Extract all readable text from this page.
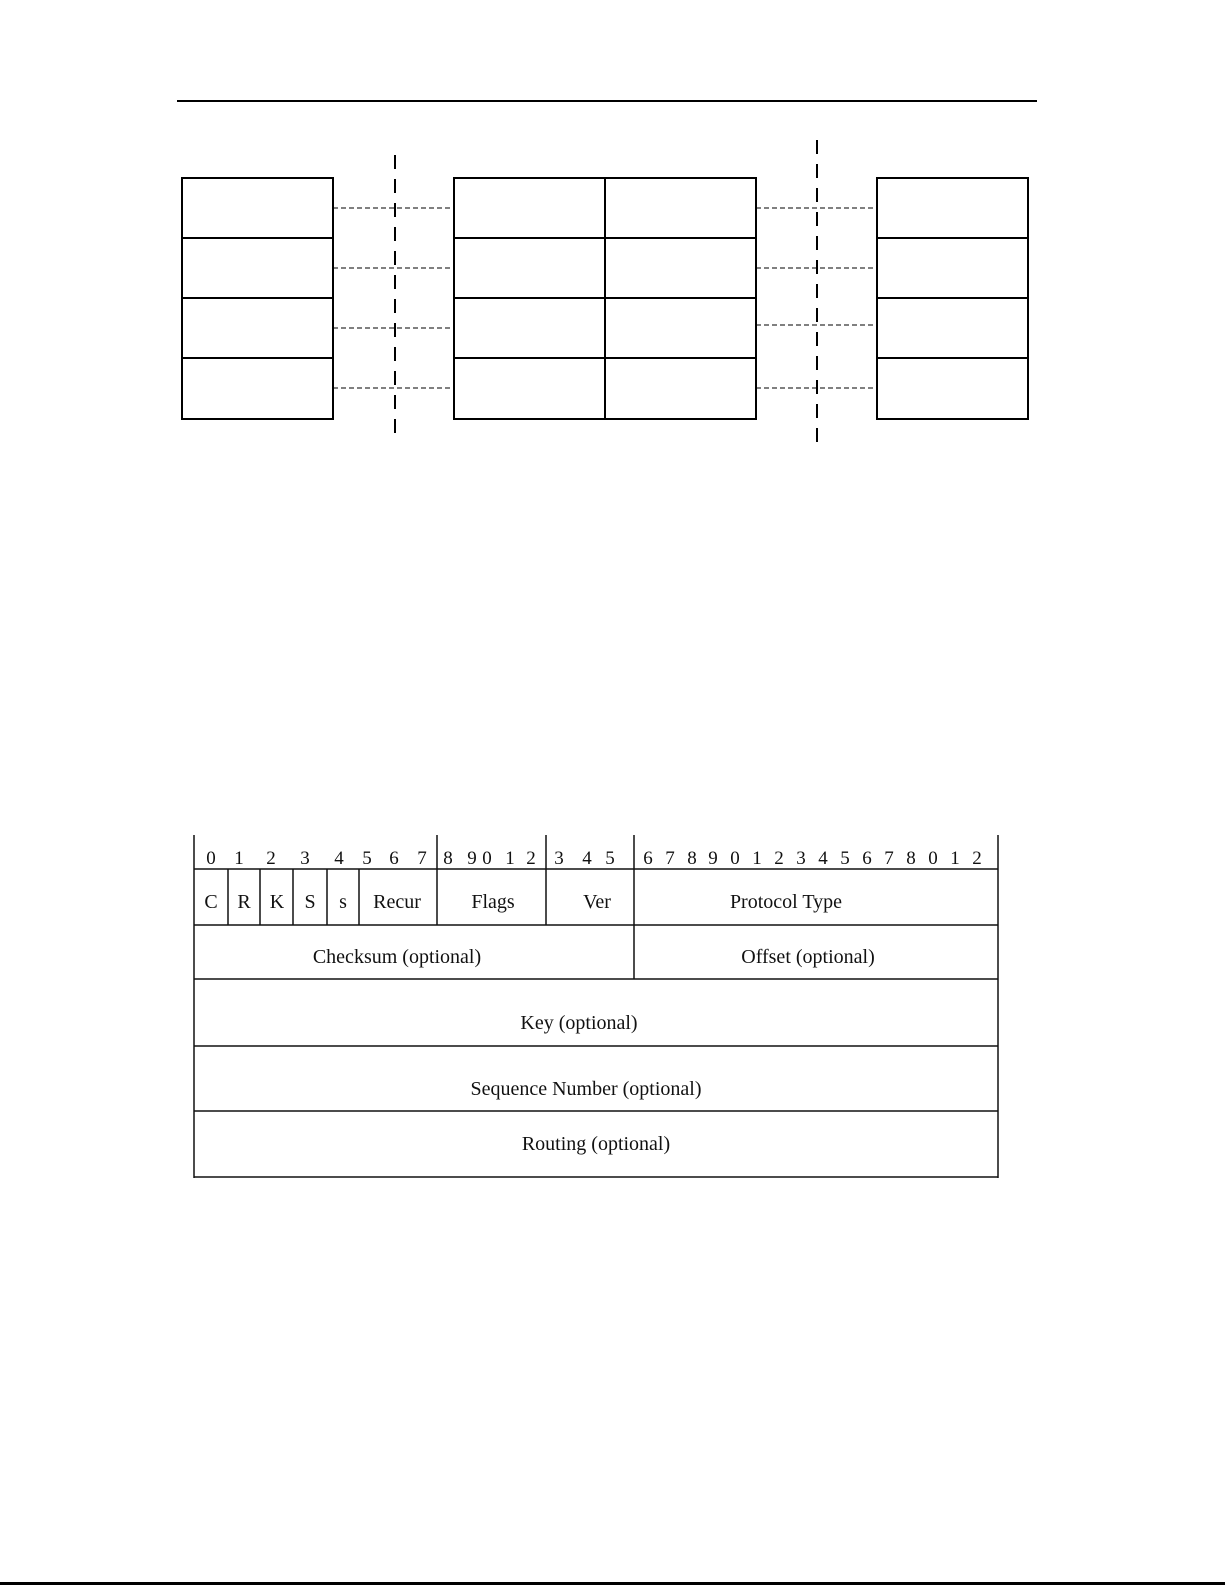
0 1 2 3 4 5 6 7 8 9 0 1 2 3 4 5 6 7 8 9 0 1 2 3 4 5 6 7 8 0 1 2
C R K S s Recur	Flags	Ver	Protocol Type
Checksum (optional)	Offset (optional)
Key (optional)
Sequence Number (optional)
Routing (optional)
